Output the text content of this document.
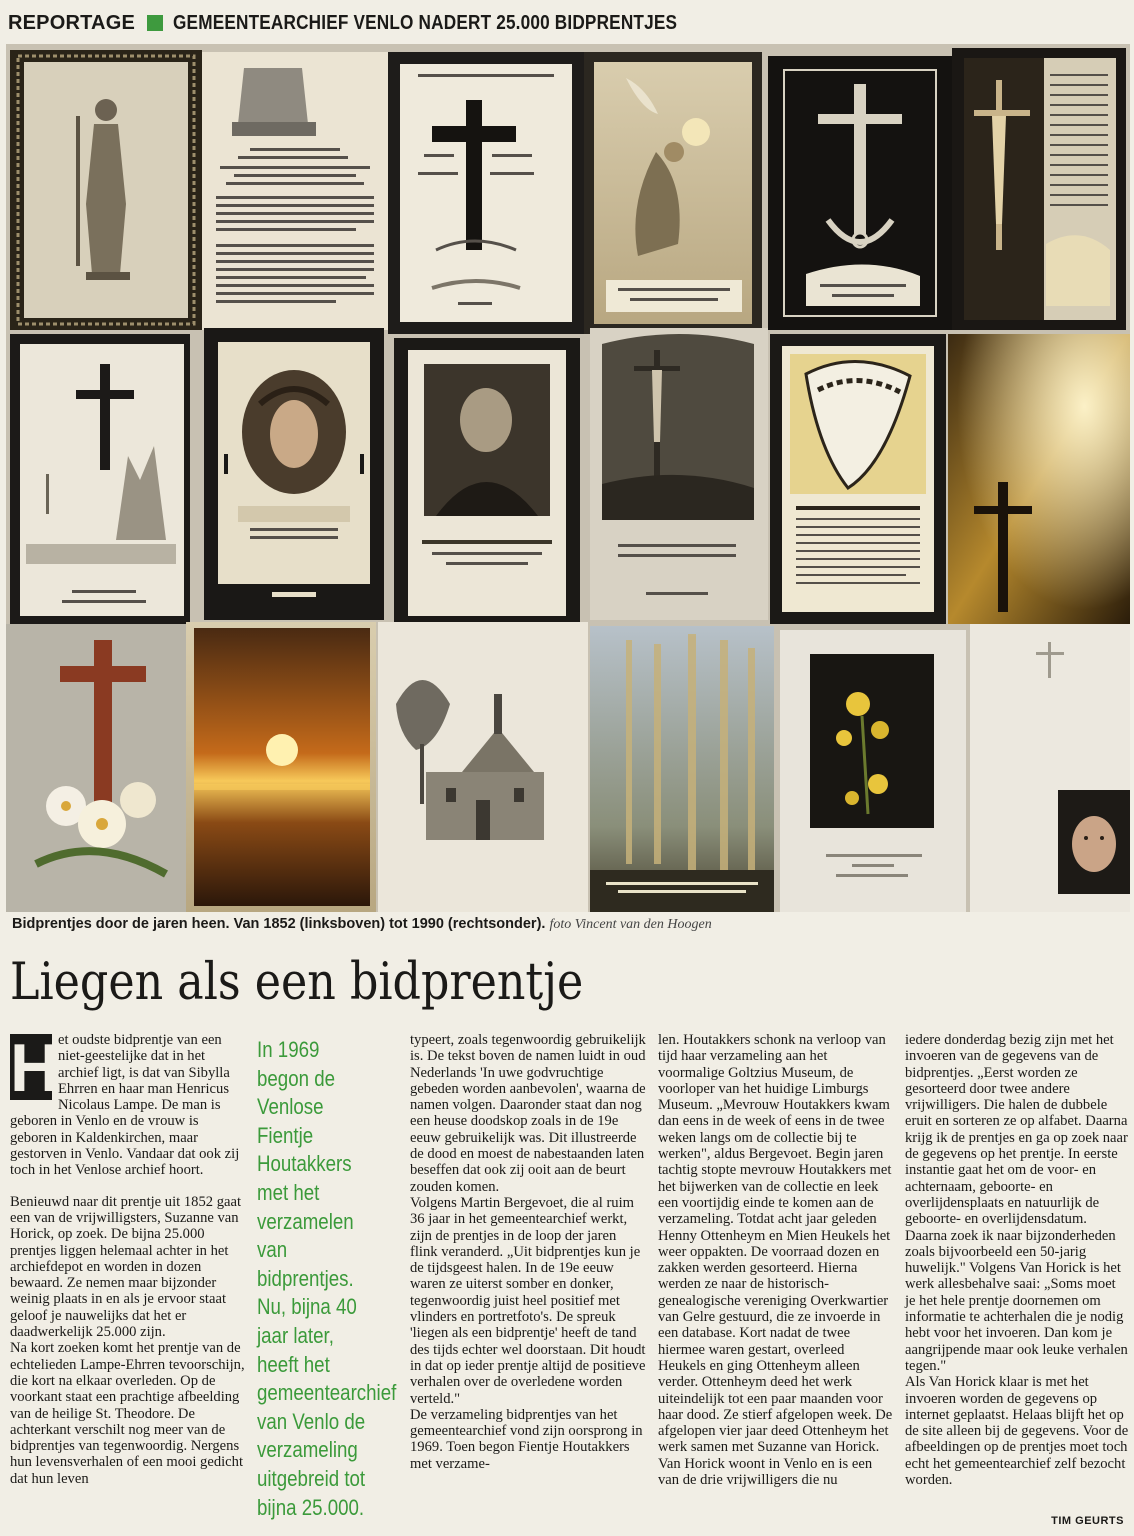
REPORTAGE GEMEENTEARCHIEF VENLO NADERT 25.000 BIDPRENTJES
Bidprentjes door de jaren heen. Van 1852 (linksboven) tot 1990 (rechtsonder). foto Vincent van den Hoogen
Liegen als een bidprentje
H

et oudste bidprentje van een niet-geestelijke dat in het archief ligt, is dat van Sibylla Ehrren en haar man Henricus Nicolaus Lampe. De man is geboren in Venlo en de vrouw is geboren in Kaldenkirchen, maar gestorven in Venlo. Vandaar dat ook zij toch in het Venlose archief hoort.

Benieuwd naar dit prentje uit 1852 gaat een van de vrijwilligsters, Suzanne van Horick, op zoek. De bijna 25.000 prentjes liggen helemaal achter in het archiefdepot en worden in dozen bewaard. Ze nemen maar bijzonder weinig plaats in en als je ervoor staat geloof je nauwelijks dat het er daadwerkelijk 25.000 zijn.

Na kort zoeken komt het prentje van de echtelieden Lampe-Ehrren tevoorschijn, die kort na elkaar overleden. Op de voorkant staat een prachtige afbeelding van de heilige St. Theodore. De achterkant verschilt nog meer van de bidprentjes van tegenwoordig. Nergens hun levensverhalen of een mooi gedicht dat hun leven

In 1969 begon de Venlose Fientje Houtakkers met het verzamelen van bidprentjes. Nu, bijna 40 jaar later, heeft het gemeentearchief van Venlo de verzameling uitgebreid tot bijna 25.000.

typeert, zoals tegenwoordig gebruikelijk is. De tekst boven de namen luidt in oud Nederlands 'In uwe godvruchtige gebeden worden aanbevolen', waarna de namen volgen. Daaronder staat dan nog een heuse doodskop zoals in de 19e eeuw gebruikelijk was. Dit illustreerde de dood en moest de nabestaanden laten beseffen dat ook zij ooit aan de beurt zouden komen.

Volgens Martin Bergevoet, die al ruim 36 jaar in het gemeentearchief werkt, zijn de prentjes in de loop der jaren flink veranderd. „Uit bidprentjes kun je de tijdsgeest halen. In de 19e eeuw waren ze uiterst somber en donker, tegenwoordig juist heel positief met vlinders en portretfoto's. De spreuk 'liegen als een bidprentje' heeft de tand des tijds echter wel doorstaan. Dit houdt in dat op ieder prentje altijd de positieve verhalen over de overledene worden verteld."

De verzameling bidprentjes van het gemeentearchief vond zijn oorsprong in 1969. Toen begon Fientje Houtakkers met verzame-

len. Houtakkers schonk na verloop van tijd haar verzameling aan het voormalige Goltzius Museum, de voorloper van het huidige Limburgs Museum. „Mevrouw Houtakkers kwam dan eens in de week of eens in de twee weken langs om de collectie bij te werken", aldus Bergevoet. Begin jaren tachtig stopte mevrouw Houtakkers met het bijwerken van de collectie en leek een voortijdig einde te komen aan de verzameling. Totdat acht jaar geleden Henny Ottenheym en Mien Heukels het weer oppakten. De voorraad dozen en zakken werden gesorteerd. Hierna werden ze naar de historisch-genealogische vereniging Overkwartier van Gelre gestuurd, die ze invoerde in een database. Kort nadat de twee hiermee waren gestart, overleed Heukels en ging Ottenheym alleen verder. Ottenheym deed het werk uiteindelijk tot een paar maanden voor haar dood. Ze stierf afgelopen week. De afgelopen vier jaar deed Ottenheym het werk samen met Suzanne van Horick.

Van Horick woont in Venlo en is een van de drie vrijwilligers die nu

iedere donderdag bezig zijn met het invoeren van de gegevens van de bidprentjes. „Eerst worden ze gesorteerd door twee andere vrijwilligers. Die halen de dubbele eruit en sorteren ze op alfabet. Daarna krijg ik de prentjes en ga op zoek naar de gegevens op het prentje. In eerste instantie gaat het om de voor- en achternaam, geboorte- en overlijdensplaats en natuurlijk de geboorte- en overlijdensdatum. Daarna zoek ik naar bijzonderheden zoals bijvoorbeeld een 50-jarig huwelijk." Volgens Van Horick is het werk allesbehalve saai: „Soms moet je het hele prentje doornemen om informatie te achterhalen die je nodig hebt voor het invoeren. Dan kom je aangrijpende maar ook leuke verhalen tegen."

Als Van Horick klaar is met het invoeren worden de gegevens op internet geplaatst. Helaas blijft het op de site alleen bij de gegevens. Voor de afbeeldingen op de prentjes moet toch echt het gemeentearchief zelf bezocht worden.

TIM GEURTS
